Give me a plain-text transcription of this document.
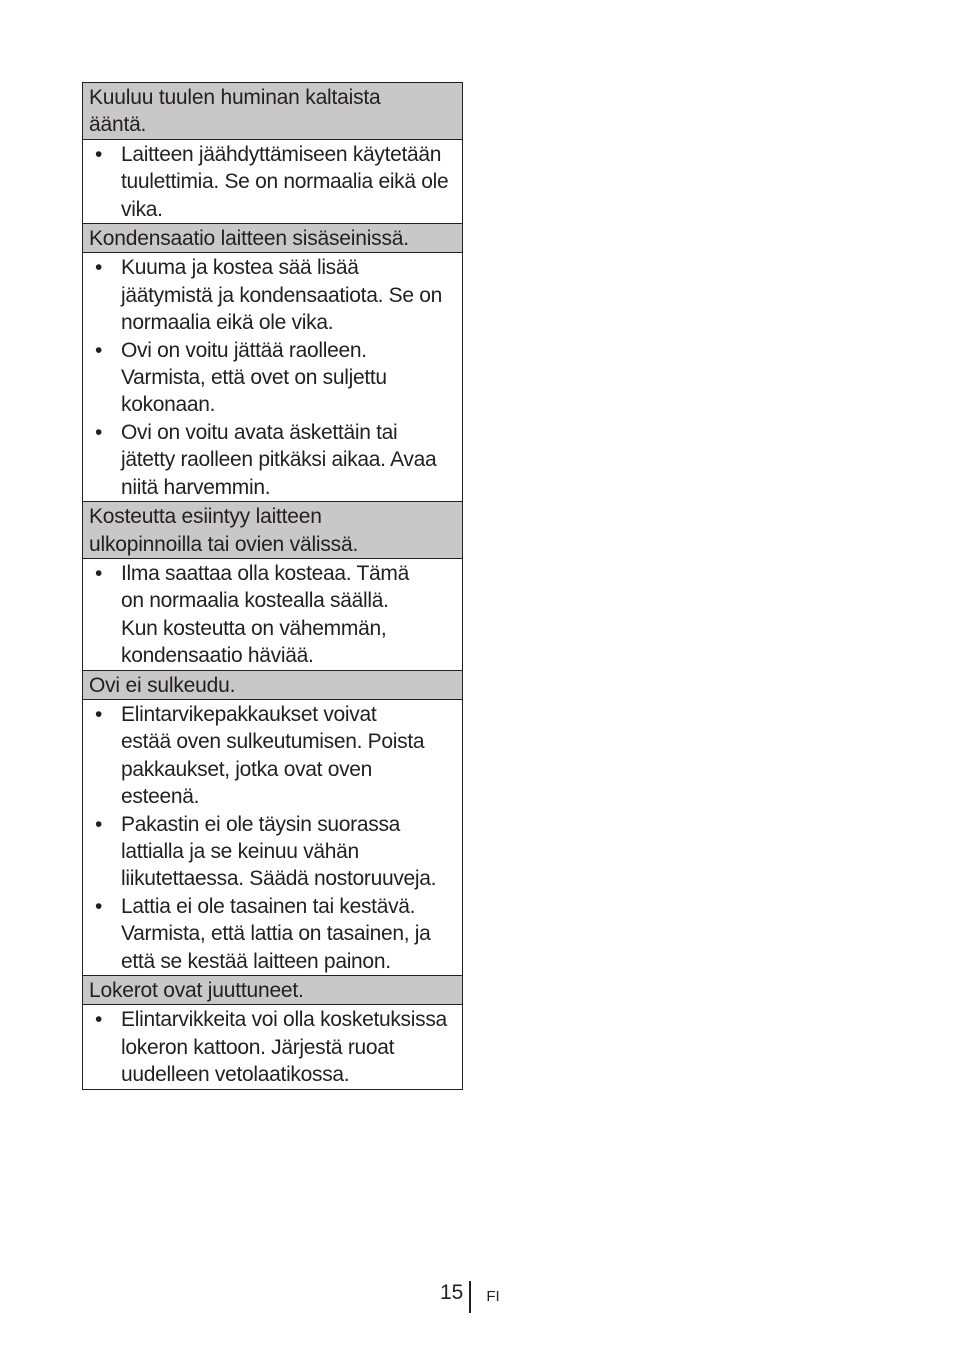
Kuuluu tuulen huminan kaltaista
ääntä.
• Laitteen jäähdyttämiseen käytetään
tuulettimia. Se on normaalia eikä ole
vika.
Kondensaatio laitteen sisäseinissä.
• Kuuma ja kostea sää lisää
jäätymistä ja kondensaatiota. Se on
normaalia eikä ole vika.
• Ovi on voitu jättää raolleen.
Varmista, että ovet on suljettu
kokonaan.
• Ovi on voitu avata äskettäin tai
jätetty raolleen pitkäksi aikaa. Avaa
niitä harvemmin.
Kosteutta esiintyy laitteen
ulkopinnoilla tai ovien välissä.
• Ilma saattaa olla kosteaa. Tämä
on normaalia kostealla säällä.
Kun kosteutta on vähemmän,
kondensaatio häviää.
Ovi ei sulkeudu.
• Elintarvikepakkaukset voivat
estää oven sulkeutumisen. Poista
pakkaukset, jotka ovat oven
esteenä.
• Pakastin ei ole täysin suorassa
lattialla ja se keinuu vähän
liikutettaessa. Säädä nostoruuveja.
• Lattia ei ole tasainen tai kestävä.
Varmista, että lattia on tasainen, ja
että se kestää laitteen painon.
Lokerot ovat juuttuneet.
• Elintarvikkeita voi olla kosketuksissa
lokeron kattoon. Järjestä ruoat
uudelleen vetolaatikossa.
15 FI
